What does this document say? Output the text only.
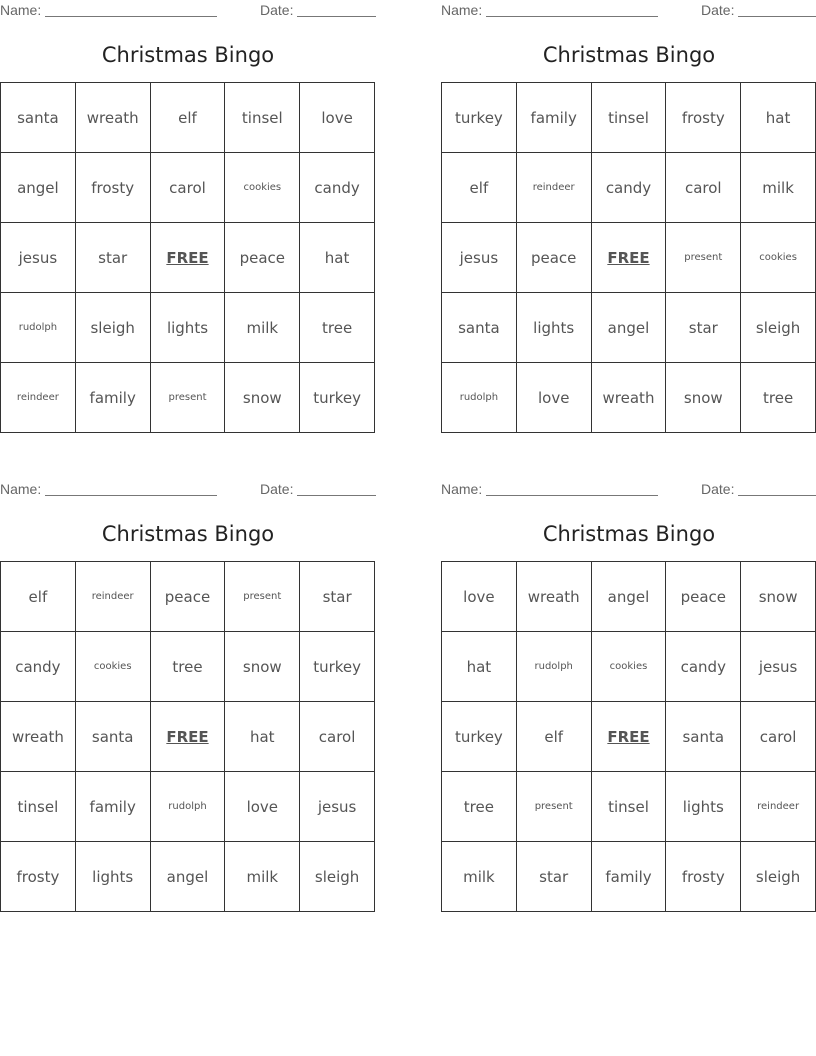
Name:	Date:
Christmas Bingo
santa	wreath	elf	tinsel	love
angel	frosty	carol	cookies	candy
jesus	star	FREE	peace	hat
rudolph	sleigh	lights	milk	tree
reindeer	family	present	snow	turkey
Name:	Date:
Christmas Bingo
turkey	family	tinsel	frosty	hat
elf	reindeer	candy	carol	milk
jesus	peace	FREE	present	cookies
santa	lights	angel	star	sleigh
rudolph	love	wreath	snow	tree
Name:	Date:
Christmas Bingo
elf	reindeer	peace	present	star
candy	cookies	tree	snow	turkey
wreath	santa	FREE	hat	carol
tinsel	family	rudolph	love	jesus
frosty	lights	angel	milk	sleigh
Name:	Date:
Christmas Bingo
love	wreath	angel	peace	snow
hat	rudolph	cookies	candy	jesus
turkey	elf	FREE	santa	carol
tree	present	tinsel	lights	reindeer
milk	star	family	frosty	sleigh
